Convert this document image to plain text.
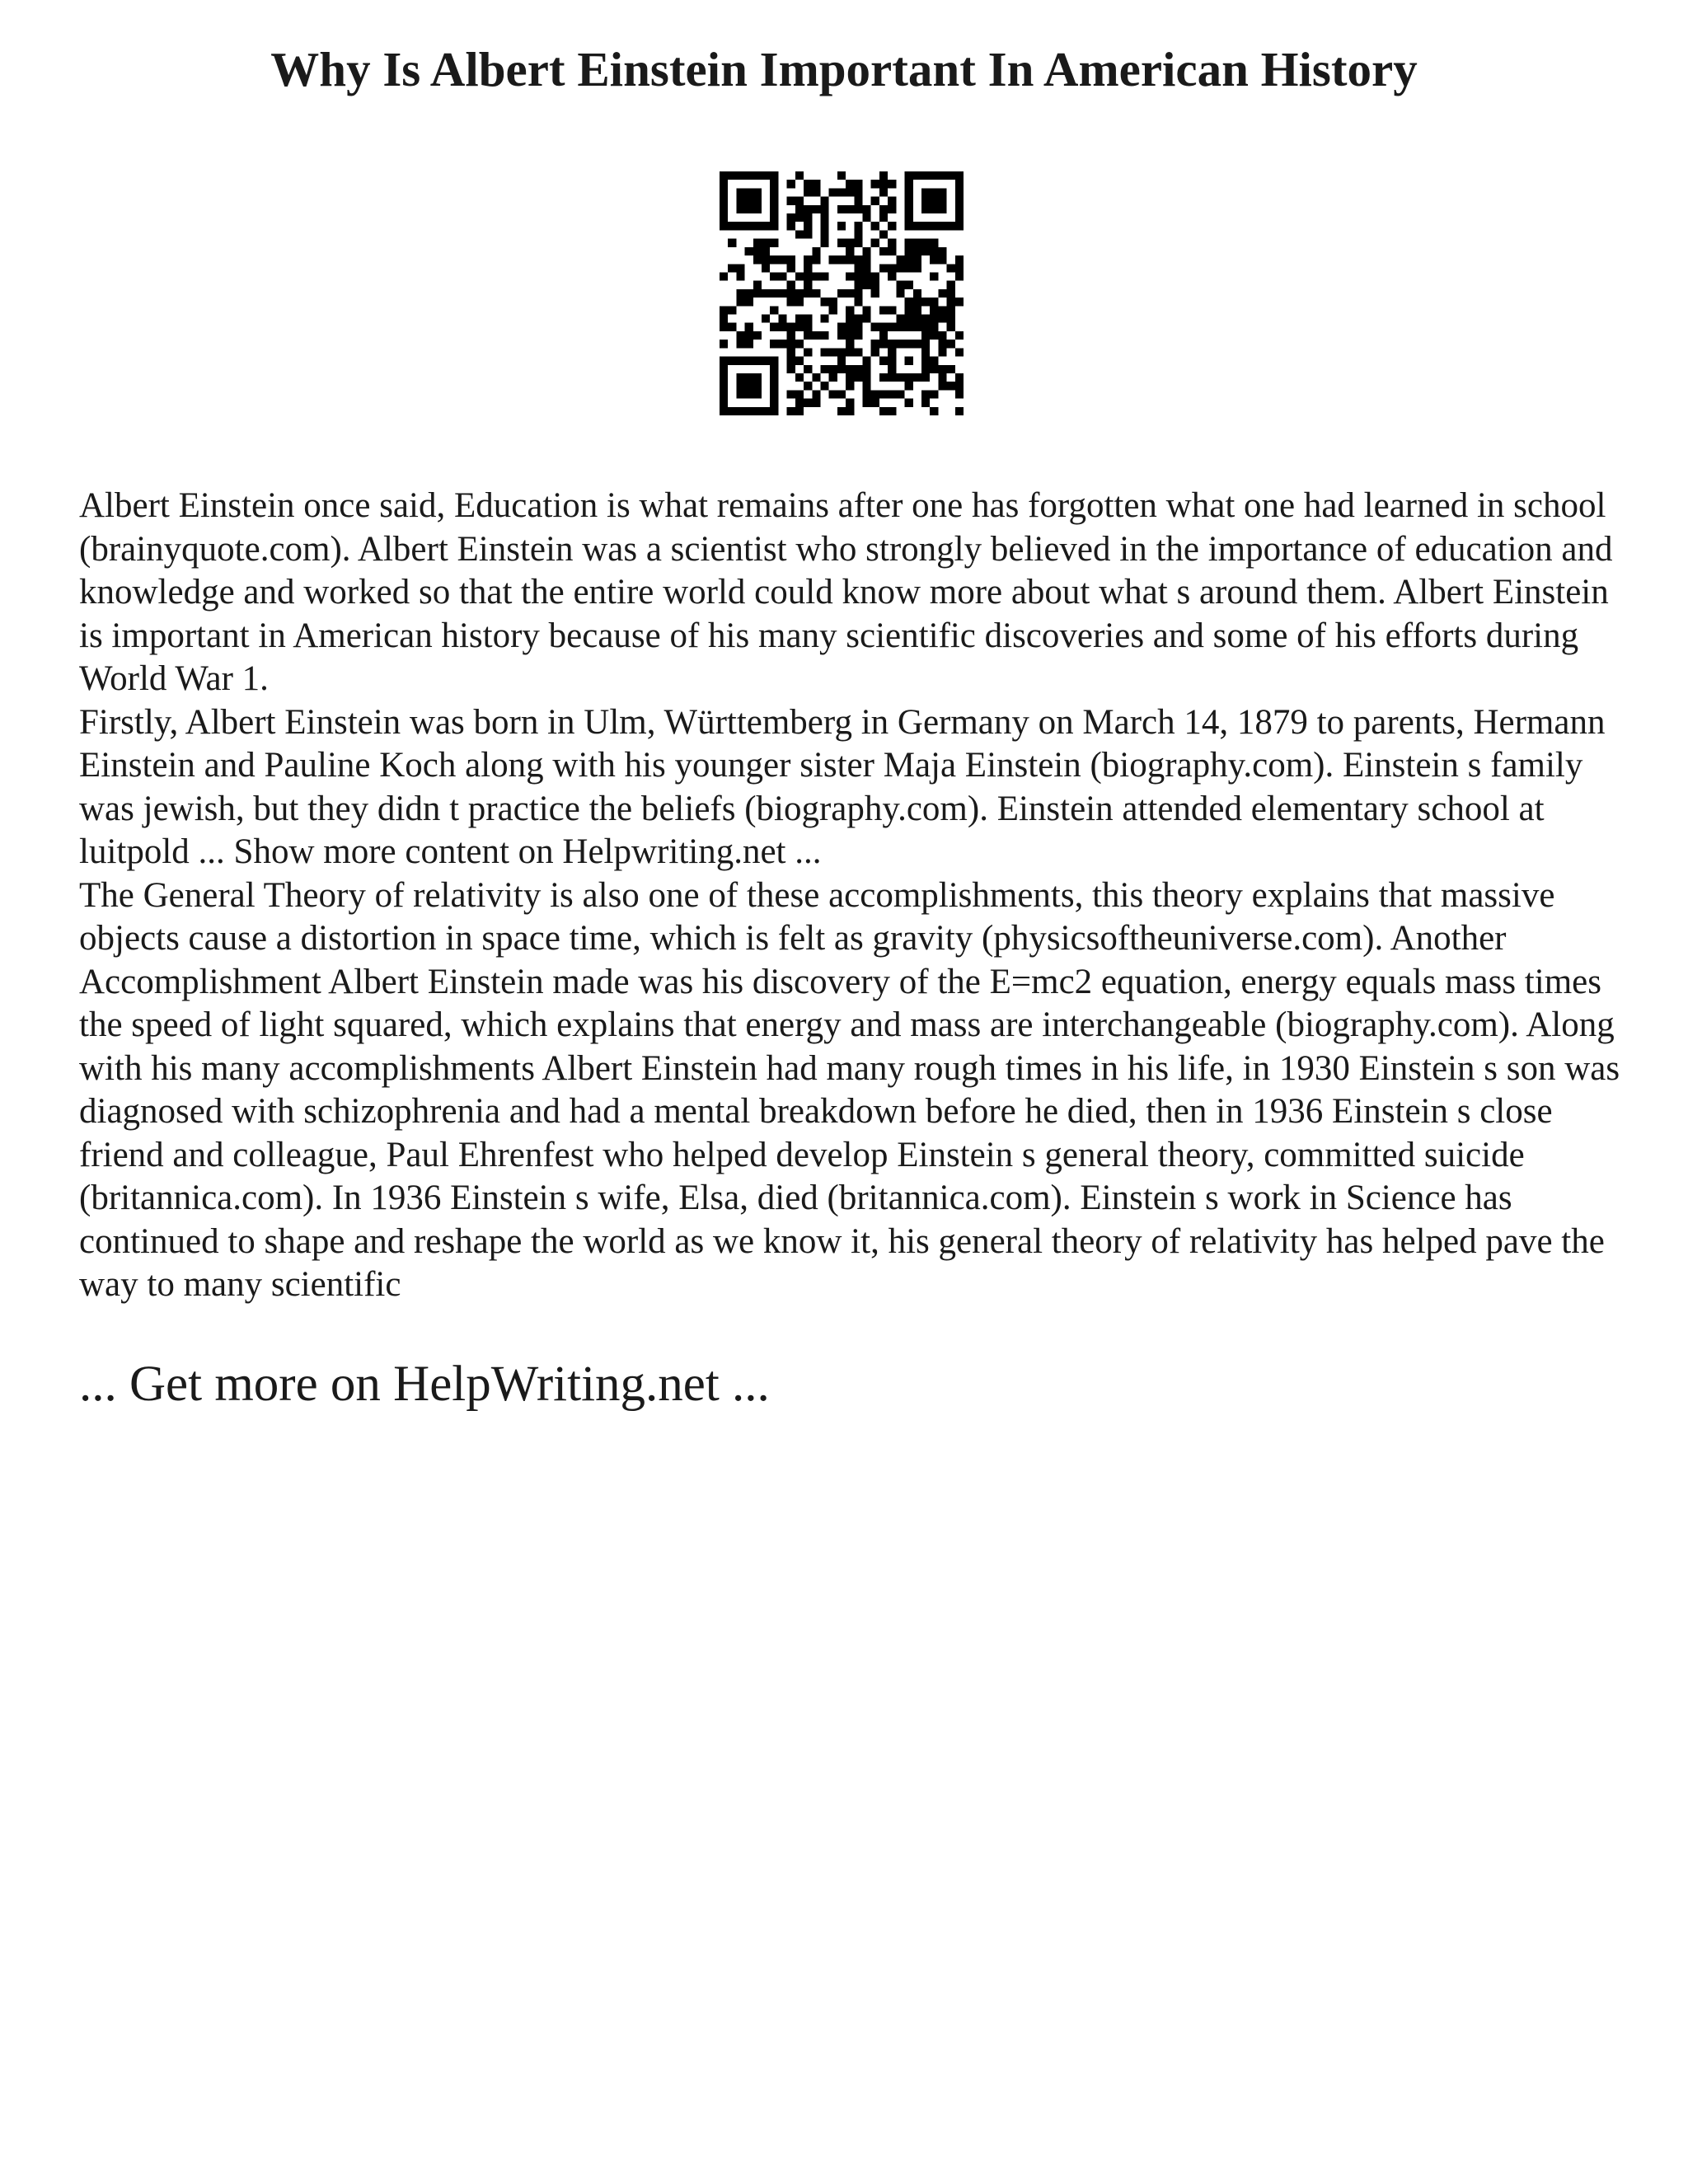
Why Is Albert Einstein Important In American History

Albert Einstein once said, Education is what remains after one has forgotten what one had learned in school (brainyquote.com). Albert Einstein was a scientist who strongly believed in the importance of education and knowledge and worked so that the entire world could know more about what s around them. Albert Einstein is important in American history because of his many scientific discoveries and some of his efforts during World War 1.

Firstly, Albert Einstein was born in Ulm, Württemberg in Germany on March 14, 1879 to parents, Hermann Einstein and Pauline Koch along with his younger sister Maja Einstein (biography.com). Einstein s family was jewish, but they didn t practice the beliefs (biography.com). Einstein attended elementary school at luitpold ... Show more content on Helpwriting.net ...

The General Theory of relativity is also one of these accomplishments, this theory explains that massive objects cause a distortion in space time, which is felt as gravity (physicsoftheuniverse.com). Another Accomplishment Albert Einstein made was his discovery of the E=mc2 equation, energy equals mass times the speed of light squared, which explains that energy and mass are interchangeable (biography.com). Along with his many accomplishments Albert Einstein had many rough times in his life, in 1930 Einstein s son was diagnosed with schizophrenia and had a mental breakdown before he died, then in 1936 Einstein s close friend and colleague, Paul Ehrenfest who helped develop Einstein s general theory, committed suicide (britannica.com). In 1936 Einstein s wife, Elsa, died (britannica.com). Einstein s work in Science has continued to shape and reshape the world as we know it, his general theory of relativity has helped pave the way to many scientific

... Get more on HelpWriting.net ...
